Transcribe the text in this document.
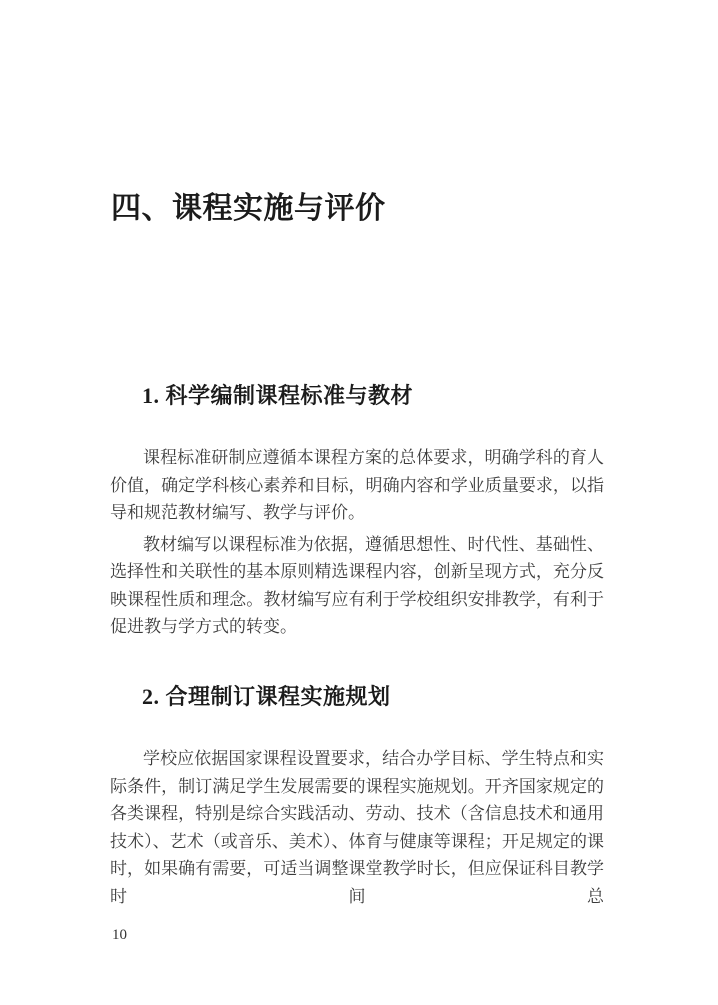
四、课程实施与评价
1. 科学编制课程标准与教材

课程标准研制应遵循本课程方案的总体要求，明确学科的育人价值，确定学科核心素养和目标，明确内容和学业质量要求，以指导和规范教材编写、教学与评价。

教材编写以课程标准为依据，遵循思想性、时代性、基础性、选择性和关联性的基本原则精选课程内容，创新呈现方式，充分反映课程性质和理念。教材编写应有利于学校组织安排教学，有利于促进教与学方式的转变。

2. 合理制订课程实施规划

学校应依据国家课程设置要求，结合办学目标、学生特点和实际条件，制订满足学生发展需要的课程实施规划。开齐国家规定的各类课程，特别是综合实践活动、劳动、技术（含信息技术和通用技术）、艺术（或音乐、美术）、体育与健康等课程；开足规定的课时，如果确有需要，可适当调整课堂教学时长，但应保证科目教学时间总

10
